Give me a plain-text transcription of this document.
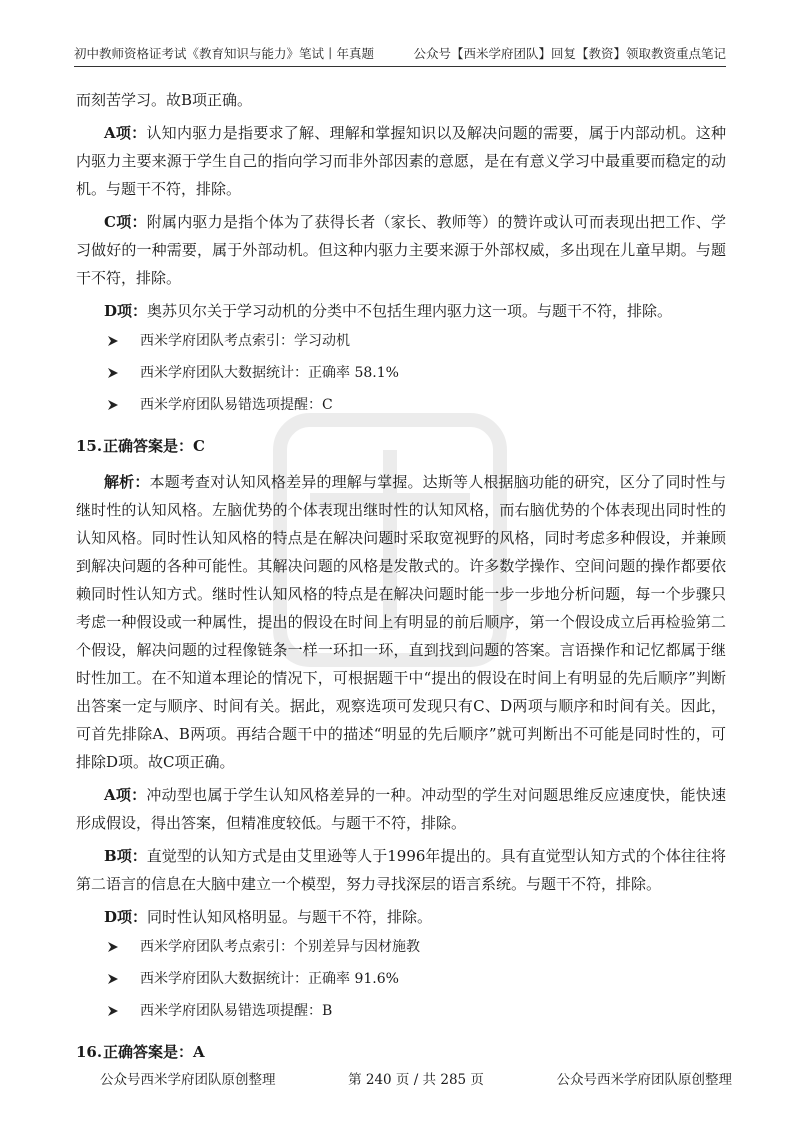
初中教师资格证考试《教育知识与能力》笔试丨年真题	公众号【西米学府团队】回复【教资】领取教资重点笔记

而刻苦学习。故B项正确。

A项：认知内驱力是指要求了解、理解和掌握知识以及解决问题的需要，属于内部动机。这种内驱力主要来源于学生自己的指向学习而非外部因素的意愿，是在有意义学习中最重要而稳定的动机。与题干不符，排除。

C项：附属内驱力是指个体为了获得长者（家长、教师等）的赞许或认可而表现出把工作、学习做好的一种需要，属于外部动机。但这种内驱力主要来源于外部权威，多出现在儿童早期。与题干不符，排除。

D项：奥苏贝尔关于学习动机的分类中不包括生理内驱力这一项。与题干不符，排除。

西米学府团队考点索引：学习动机
西米学府团队大数据统计：正确率 58.1%
西米学府团队易错选项提醒：C
15.正确答案是：C

解析：本题考查对认知风格差异的理解与掌握。达斯等人根据脑功能的研究，区分了同时性与继时性的认知风格。左脑优势的个体表现出继时性的认知风格，而右脑优势的个体表现出同时性的认知风格。同时性认知风格的特点是在解决问题时采取宽视野的风格，同时考虑多种假设，并兼顾到解决问题的各种可能性。其解决问题的风格是发散式的。许多数学操作、空间问题的操作都要依赖同时性认知方式。继时性认知风格的特点是在解决问题时能一步一步地分析问题，每一个步骤只考虑一种假设或一种属性，提出的假设在时间上有明显的前后顺序，第一个假设成立后再检验第二个假设，解决问题的过程像链条一样一环扣一环，直到找到问题的答案。言语操作和记忆都属于继时性加工。在不知道本理论的情况下，可根据题干中“提出的假设在时间上有明显的先后顺序”判断出答案一定与顺序、时间有关。据此，观察选项可发现只有C、D两项与顺序和时间有关。因此，可首先排除A、B两项。再结合题干中的描述“明显的先后顺序”就可判断出不可能是同时性的，可排除D项。故C项正确。

A项：冲动型也属于学生认知风格差异的一种。冲动型的学生对问题思维反应速度快，能快速形成假设，得出答案，但精准度较低。与题干不符，排除。

B项：直觉型的认知方式是由艾里逊等人于1996年提出的。具有直觉型认知方式的个体往往将第二语言的信息在大脑中建立一个模型，努力寻找深层的语言系统。与题干不符，排除。

D项：同时性认知风格明显。与题干不符，排除。

西米学府团队考点索引：个别差异与因材施教
西米学府团队大数据统计：正确率 91.6%
西米学府团队易错选项提醒：B
16.正确答案是：A
公众号西米学府团队原创整理	第 240 页 / 共 285 页	公众号西米学府团队原创整理
